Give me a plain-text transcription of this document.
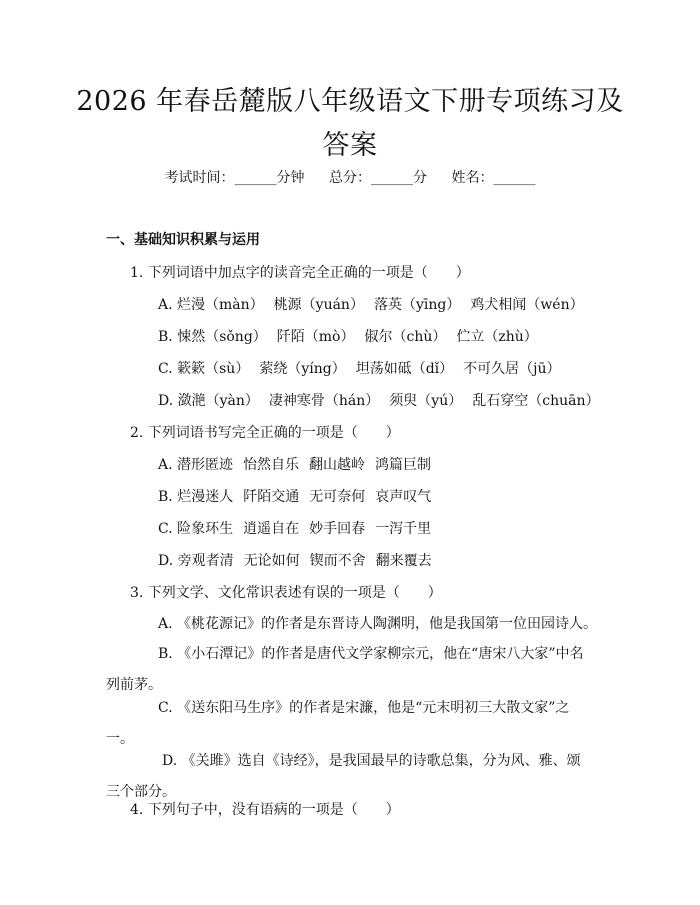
2026 年春岳麓版八年级语文下册专项练习及
答案
考试时间：______分钟 总分：______分 姓名：______
一、基础知识积累与运用
1. 下列词语中加点字的读音完全正确的一项是（　　）
A. 烂漫（màn） 桃源（yuán） 落英（yīng） 鸡犬相闻（wén）
B. 悚然（sǒng） 阡陌（mò） 俶尔（chù） 伫立（zhù）
C. 簌簌（sù） 萦绕（yíng） 坦荡如砥（dǐ） 不可久居（jū）
D. 潋滟（yàn） 凄神寒骨（hán） 须臾（yú） 乱石穿空（chuān）
2. 下列词语书写完全正确的一项是（　　）
A. 潜形匿迹 怡然自乐 翻山越岭 鸿篇巨制
B. 烂漫迷人 阡陌交通 无可奈何 哀声叹气
C. 险象环生 逍遥自在 妙手回春 一泻千里
D. 旁观者清 无论如何 锲而不舍 翻来覆去
3. 下列文学、文化常识表述有误的一项是（　　）
A. 《桃花源记》的作者是东晋诗人陶渊明，他是我国第一位田园诗人。
B. 《小石潭记》的作者是唐代文学家柳宗元，他在“唐宋八大家”中名列前茅。
C. 《送东阳马生序》的作者是宋濂，他是“元末明初三大散文家”之一。
D. 《关雎》选自《诗经》，是我国最早的诗歌总集，分为风、雅、颂三个部分。
4. 下列句子中，没有语病的一项是（　　）
